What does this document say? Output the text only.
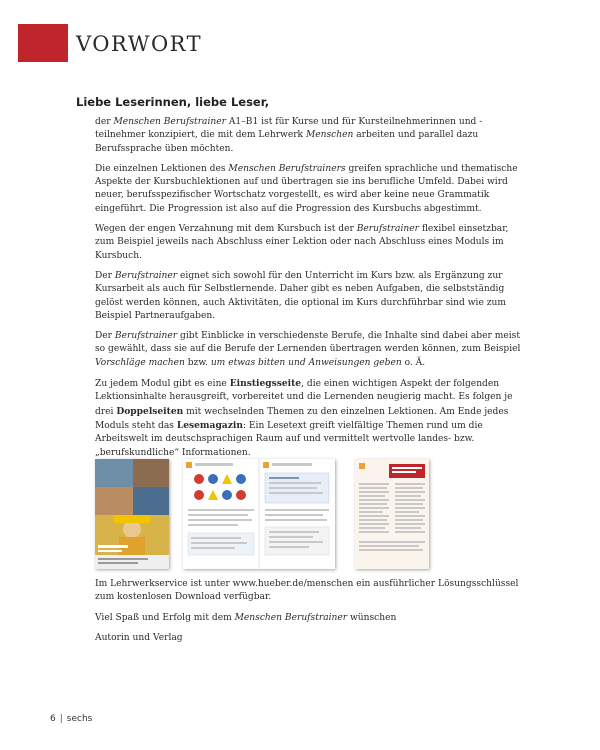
VORWORT
Liebe Leserinnen, liebe Leser,

der Menschen Berufstrainer A1–B1 ist für Kurse und für Kursteilnehmerinnen und -teilnehmer konzipiert, die mit dem Lehrwerk Menschen arbeiten und parallel dazu Berufssprache üben möchten.

Die einzelnen Lektionen des Menschen Berufstrainers greifen sprachliche und thematische Aspekte der Kursbuchlektionen auf und übertragen sie ins berufliche Umfeld. Dabei wird neuer, berufsspezifischer Wortschatz vorgestellt, es wird aber keine neue Grammatik eingeführt. Die Progression ist also auf die Progression des Kursbuchs abgestimmt.

Wegen der engen Verzahnung mit dem Kursbuch ist der Berufstrainer flexibel einsetzbar, zum Beispiel jeweils nach Abschluss einer Lektion oder nach Abschluss eines Moduls im Kursbuch.

Der Berufstrainer eignet sich sowohl für den Unterricht im Kurs bzw. als Ergänzung zur Kursarbeit als auch für Selbstlernende. Daher gibt es neben Aufgaben, die selbstständig gelöst werden können, auch Aktivitäten, die optional im Kurs durchführbar sind wie zum Beispiel Partneraufgaben.

Der Berufstrainer gibt Einblicke in verschiedenste Berufe, die Inhalte sind dabei aber meist so gewählt, dass sie auf die Berufe der Lernenden übertragen werden können, zum Beispiel Vorschläge machen bzw. um etwas bitten und Anweisungen geben o. Ä.

Zu jedem Modul gibt es eine Einstiegsseite, die einen wichtigen Aspekt der folgenden Lektionsinhalte herausgreift, vorbereitet und die Lernenden neugierig macht. Es folgen je drei Doppelseiten mit wechselnden Themen zu den einzelnen Lektionen. Am Ende jedes Moduls steht das Lesemagazin: Ein Lesetext greift vielfältige Themen rund um die Arbeitswelt im deutschsprachigen Raum auf und vermittelt wertvolle landes- bzw. „berufskundliche“ Informationen.

Im Lehrwerkservice ist unter www.hueber.de/menschen ein ausführlicher Lösungsschlüssel zum kostenlosen Download verfügbar.

Viel Spaß und Erfolg mit dem Menschen Berufstrainer wünschen

Autorin und Verlag

6 | sechs
